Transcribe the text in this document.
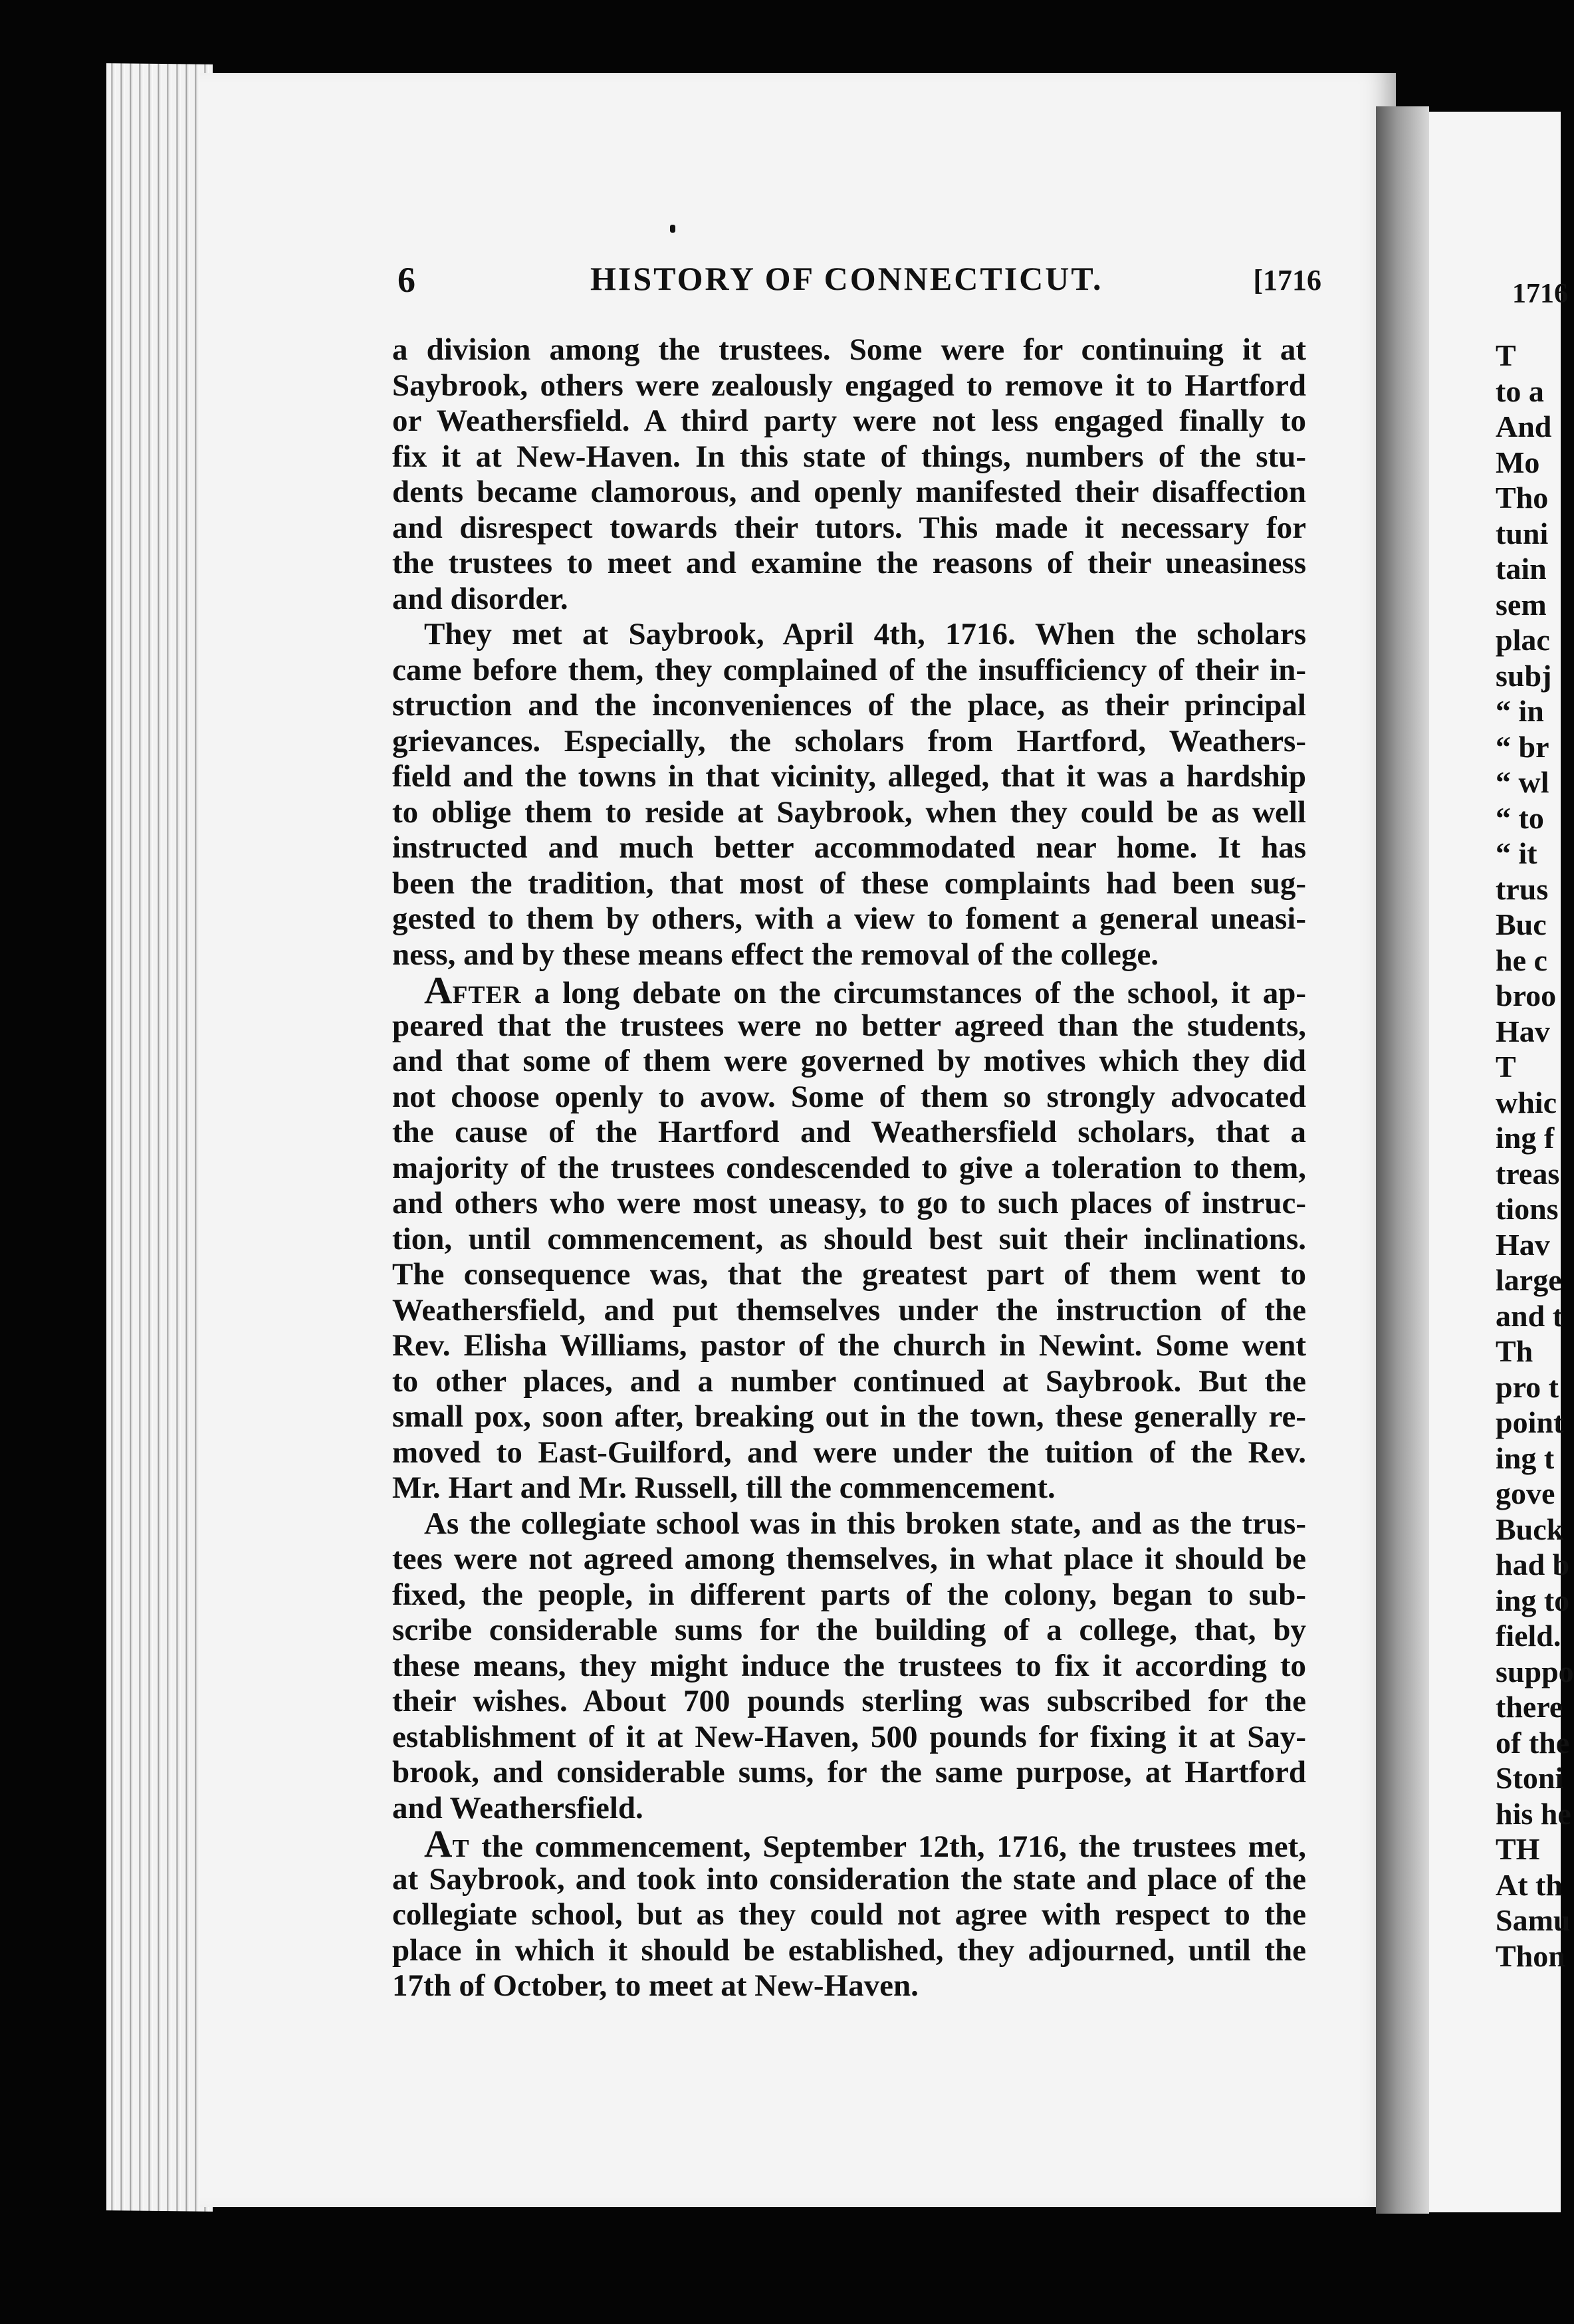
1716
T
to a
And
Mo
Tho
tuni
tain
sem
plac
subj
“ in
“ br
“ wl
“ to
“ it
trus
Buc
he c
broo
Hav
T
whic
ing f
treas
tions
Hav
large
and t
Th
pro t
point
ing t
gove
Buck
had b
ing to
field.
suppo
there
of the
Stoni
his he
TH
At th
Samu
Thon
6	HISTORY OF CONNECTICUT.	[1716
a division among the trustees. Some were for continuing it at
Saybrook, others were zealously engaged to remove it to Hartford
or Weathersfield. A third party were not less engaged finally to
fix it at New-Haven. In this state of things, numbers of the stu-
dents became clamorous, and openly manifested their disaffection
and disrespect towards their tutors. This made it necessary for
the trustees to meet and examine the reasons of their uneasiness
and disorder.
They met at Saybrook, April 4th, 1716. When the scholars
came before them, they complained of the insufficiency of their in-
struction and the inconveniences of the place, as their principal
grievances. Especially, the scholars from Hartford, Weathers-
field and the towns in that vicinity, alleged, that it was a hardship
to oblige them to reside at Saybrook, when they could be as well
instructed and much better accommodated near home. It has
been the tradition, that most of these complaints had been sug-
gested to them by others, with a view to foment a general uneasi-
ness, and by these means effect the removal of the college.
AFTER a long debate on the circumstances of the school, it ap-
peared that the trustees were no better agreed than the students,
and that some of them were governed by motives which they did
not choose openly to avow. Some of them so strongly advocated
the cause of the Hartford and Weathersfield scholars, that a
majority of the trustees condescended to give a toleration to them,
and others who were most uneasy, to go to such places of instruc-
tion, until commencement, as should best suit their inclinations.
The consequence was, that the greatest part of them went to
Weathersfield, and put themselves under the instruction of the
Rev. Elisha Williams, pastor of the church in Newint. Some went
to other places, and a number continued at Saybrook. But the
small pox, soon after, breaking out in the town, these generally re-
moved to East-Guilford, and were under the tuition of the Rev.
Mr. Hart and Mr. Russell, till the commencement.
As the collegiate school was in this broken state, and as the trus-
tees were not agreed among themselves, in what place it should be
fixed, the people, in different parts of the colony, began to sub-
scribe considerable sums for the building of a college, that, by
these means, they might induce the trustees to fix it according to
their wishes. About 700 pounds sterling was subscribed for the
establishment of it at New-Haven, 500 pounds for fixing it at Say-
brook, and considerable sums, for the same purpose, at Hartford
and Weathersfield.
AT the commencement, September 12th, 1716, the trustees met,
at Saybrook, and took into consideration the state and place of the
collegiate school, but as they could not agree with respect to the
place in which it should be established, they adjourned, until the
17th of October, to meet at New-Haven.
